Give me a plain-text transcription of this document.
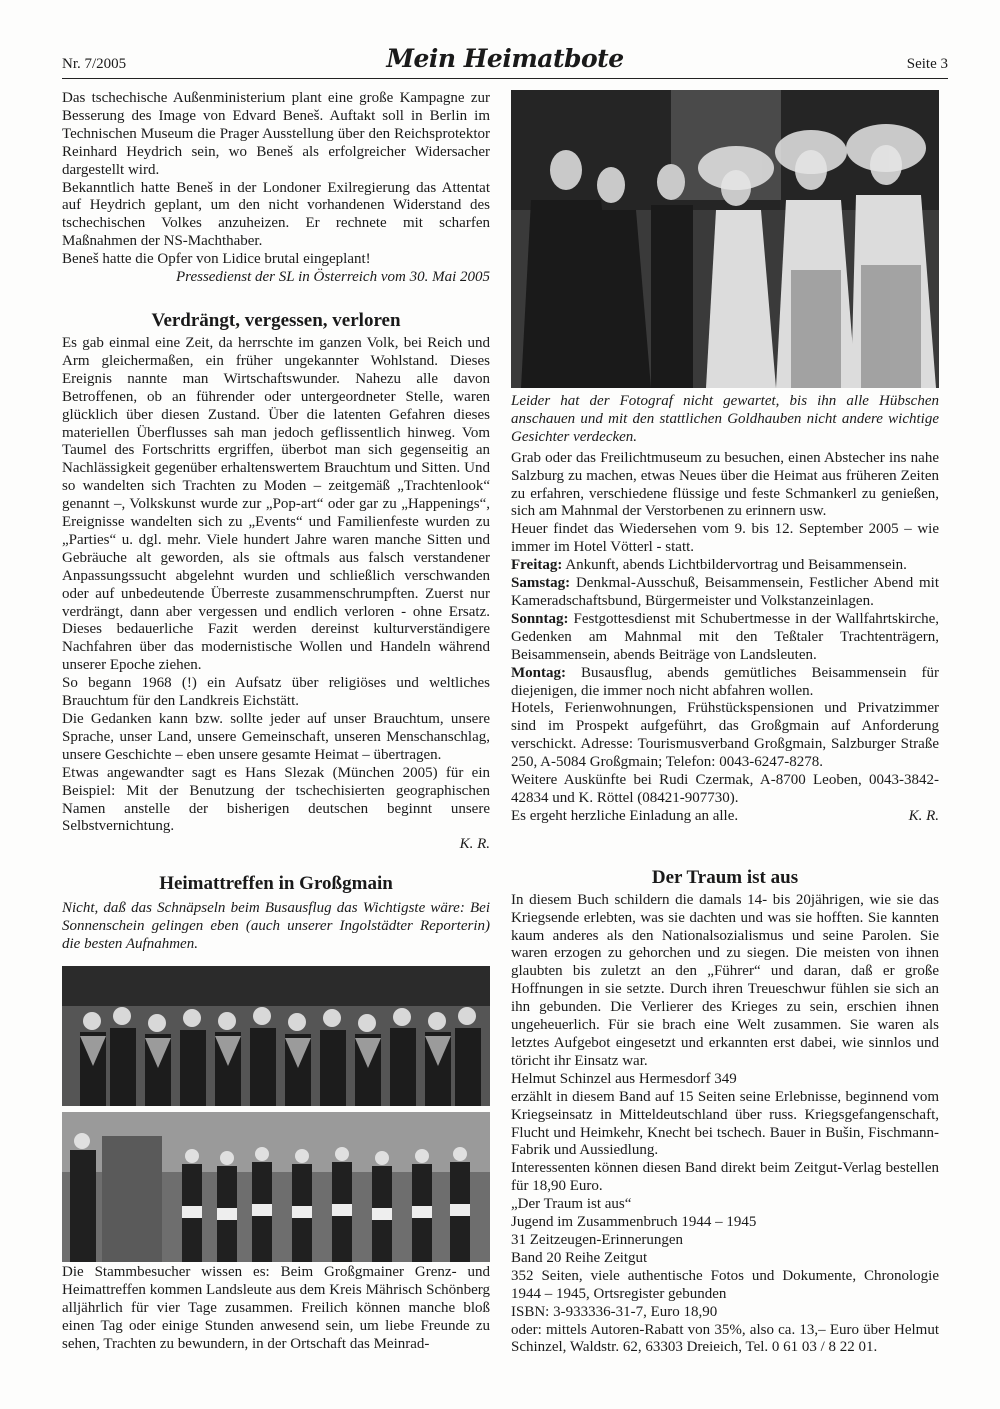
Nr. 7/2005	Mein Heimatbote	Seite 3

Das tschechische Außenministerium plant eine große Kampagne zur Besserung des Image von Edvard Beneš. Auftakt soll in Berlin im Technischen Museum die Prager Ausstellung über den Reichsprotektor Reinhard Heydrich sein, wo Beneš als erfolgreicher Widersacher dargestellt wird.

Bekanntlich hatte Beneš in der Londoner Exilregierung das Attentat auf Heydrich geplant, um den nicht vorhandenen Widerstand des tschechischen Volkes anzuheizen. Er rechnete mit scharfen Maßnahmen der NS-Machthaber.

Beneš hatte die Opfer von Lidice brutal eingeplant!

Pressedienst der SL in Österreich vom 30. Mai 2005

Verdrängt, vergessen, verloren

Es gab einmal eine Zeit, da herrschte im ganzen Volk, bei Reich und Arm gleichermaßen, ein früher ungekannter Wohlstand. Dieses Ereignis nannte man Wirtschaftswunder. Nahezu alle davon Betroffenen, ob an führender oder untergeordneter Stelle, waren glücklich über diesen Zustand. Über die latenten Gefahren dieses materiellen Überflusses sah man jedoch geflissentlich hinweg. Vom Taumel des Fortschritts ergriffen, überbot man sich gegenseitig an Nachlässigkeit gegenüber erhaltenswertem Brauchtum und Sitten. Und so wandelten sich Trachten zu Moden – zeitgemäß „Trachtenlook“ genannt –, Volkskunst wurde zur „Pop-art“ oder gar zu „Happenings“, Ereignisse wandelten sich zu „Events“ und Familienfeste wurden zu „Parties“ u. dgl. mehr. Viele hundert Jahre waren manche Sitten und Gebräuche alt geworden, als sie oftmals aus falsch verstandener Anpassungssucht abgelehnt wurden und schließlich verschwanden oder auf unbedeutende Überreste zusammenschrumpften. Zuerst nur verdrängt, dann aber vergessen und endlich verloren - ohne Ersatz. Dieses bedauerliche Fazit werden dereinst kulturverständigere Nachfahren über das modernistische Wollen und Handeln während unserer Epoche ziehen.

So begann 1968 (!) ein Aufsatz über religiöses und weltliches Brauchtum für den Landkreis Eichstätt.

Die Gedanken kann bzw. sollte jeder auf unser Brauchtum, unsere Sprache, unser Land, unsere Gemeinschaft, unseren Menschanschlag, unsere Geschichte – eben unsere gesamte Heimat – übertragen.

Etwas angewandter sagt es Hans Slezak (München 2005) für ein Beispiel: Mit der Benutzung der tschechisierten geographischen Namen anstelle der bisherigen deutschen beginnt unsere Selbstvernichtung.

K. R.

Heimattreffen in Großgmain

Nicht, daß das Schnäpseln beim Busausflug das Wichtigste wäre: Bei Sonnenschein gelingen eben (auch unserer Ingolstädter Reporterin) die besten Aufnahmen.

Die Stammbesucher wissen es: Beim Großgmainer Grenz- und Heimattreffen kommen Landsleute aus dem Kreis Mährisch Schönberg alljährlich für vier Tage zusammen. Freilich können manche bloß einen Tag oder einige Stunden anwesend sein, um liebe Freunde zu sehen, Trachten zu bewundern, in der Ortschaft das Meinrad-

Leider hat der Fotograf nicht gewartet, bis ihn alle Hübschen anschauen und mit den stattlichen Goldhauben nicht andere wichtige Gesichter verdecken.

Grab oder das Freilichtmuseum zu besuchen, einen Abstecher ins nahe Salzburg zu machen, etwas Neues über die Heimat aus früheren Zeiten zu erfahren, verschiedene flüssige und feste Schmankerl zu genießen, sich am Mahnmal der Verstorbenen zu erinnern usw.

Heuer findet das Wiedersehen vom 9. bis 12. September 2005 – wie immer im Hotel Vötterl - statt.

Freitag: Ankunft, abends Lichtbildervortrag und Beisammensein.

Samstag: Denkmal-Ausschuß, Beisammensein, Festlicher Abend mit Kameradschaftsbund, Bürgermeister und Volkstanzeinlagen.

Sonntag: Festgottesdienst mit Schubertmesse in der Wallfahrtskirche, Gedenken am Mahnmal mit den Teßtaler Trachtenträgern, Beisammensein, abends Beiträge von Landsleuten.

Montag: Busausflug, abends gemütliches Beisammensein für diejenigen, die immer noch nicht abfahren wollen.

Hotels, Ferienwohnungen, Frühstückspensionen und Privatzimmer sind im Prospekt aufgeführt, das Großgmain auf Anforderung verschickt. Adresse: Tourismusverband Großgmain, Salzburger Straße 250, A-5084 Großgmain; Telefon: 0043-6247-8278.

Weitere Auskünfte bei Rudi Czermak, A-8700 Leoben, 0043-3842-42834 und K. Röttel (08421-907730).

Es ergeht herzliche Einladung an alle.	K. R.
Der Traum ist aus

In diesem Buch schildern die damals 14- bis 20jährigen, wie sie das Kriegsende erlebten, was sie dachten und was sie hofften. Sie kannten kaum anderes als den Nationalsozialismus und seine Parolen. Sie waren erzogen zu gehorchen und zu siegen. Die meisten von ihnen glaubten bis zuletzt an den „Führer“ und daran, daß er große Hoffnungen in sie setzte. Durch ihren Treueschwur fühlen sie sich an ihn gebunden. Die Verlierer des Krieges zu sein, erschien ihnen ungeheuerlich. Für sie brach eine Welt zusammen. Sie waren als letztes Aufgebot eingesetzt und erkannten erst dabei, wie sinnlos und töricht ihr Einsatz war.

Helmut Schinzel aus Hermesdorf 349

erzählt in diesem Band auf 15 Seiten seine Erlebnisse, beginnend vom Kriegseinsatz in Mitteldeutschland über russ. Kriegsgefangenschaft, Flucht und Heimkehr, Knecht bei tschech. Bauer in Bušin, Fischmann-Fabrik und Aussiedlung.

Interessenten können diesen Band direkt beim Zeitgut-Verlag bestellen für 18,90 Euro.

„Der Traum ist aus“

Jugend im Zusammenbruch 1944 – 1945

31 Zeitzeugen-Erinnerungen

Band 20 Reihe Zeitgut

352 Seiten, viele authentische Fotos und Dokumente, Chronologie 1944 – 1945, Ortsregister gebunden

ISBN: 3-933336-31-7, Euro 18,90

oder: mittels Autoren-Rabatt von 35%, also ca. 13,– Euro über Helmut Schinzel, Waldstr. 62, 63303 Dreieich, Tel. 0 61 03 / 8 22 01.
